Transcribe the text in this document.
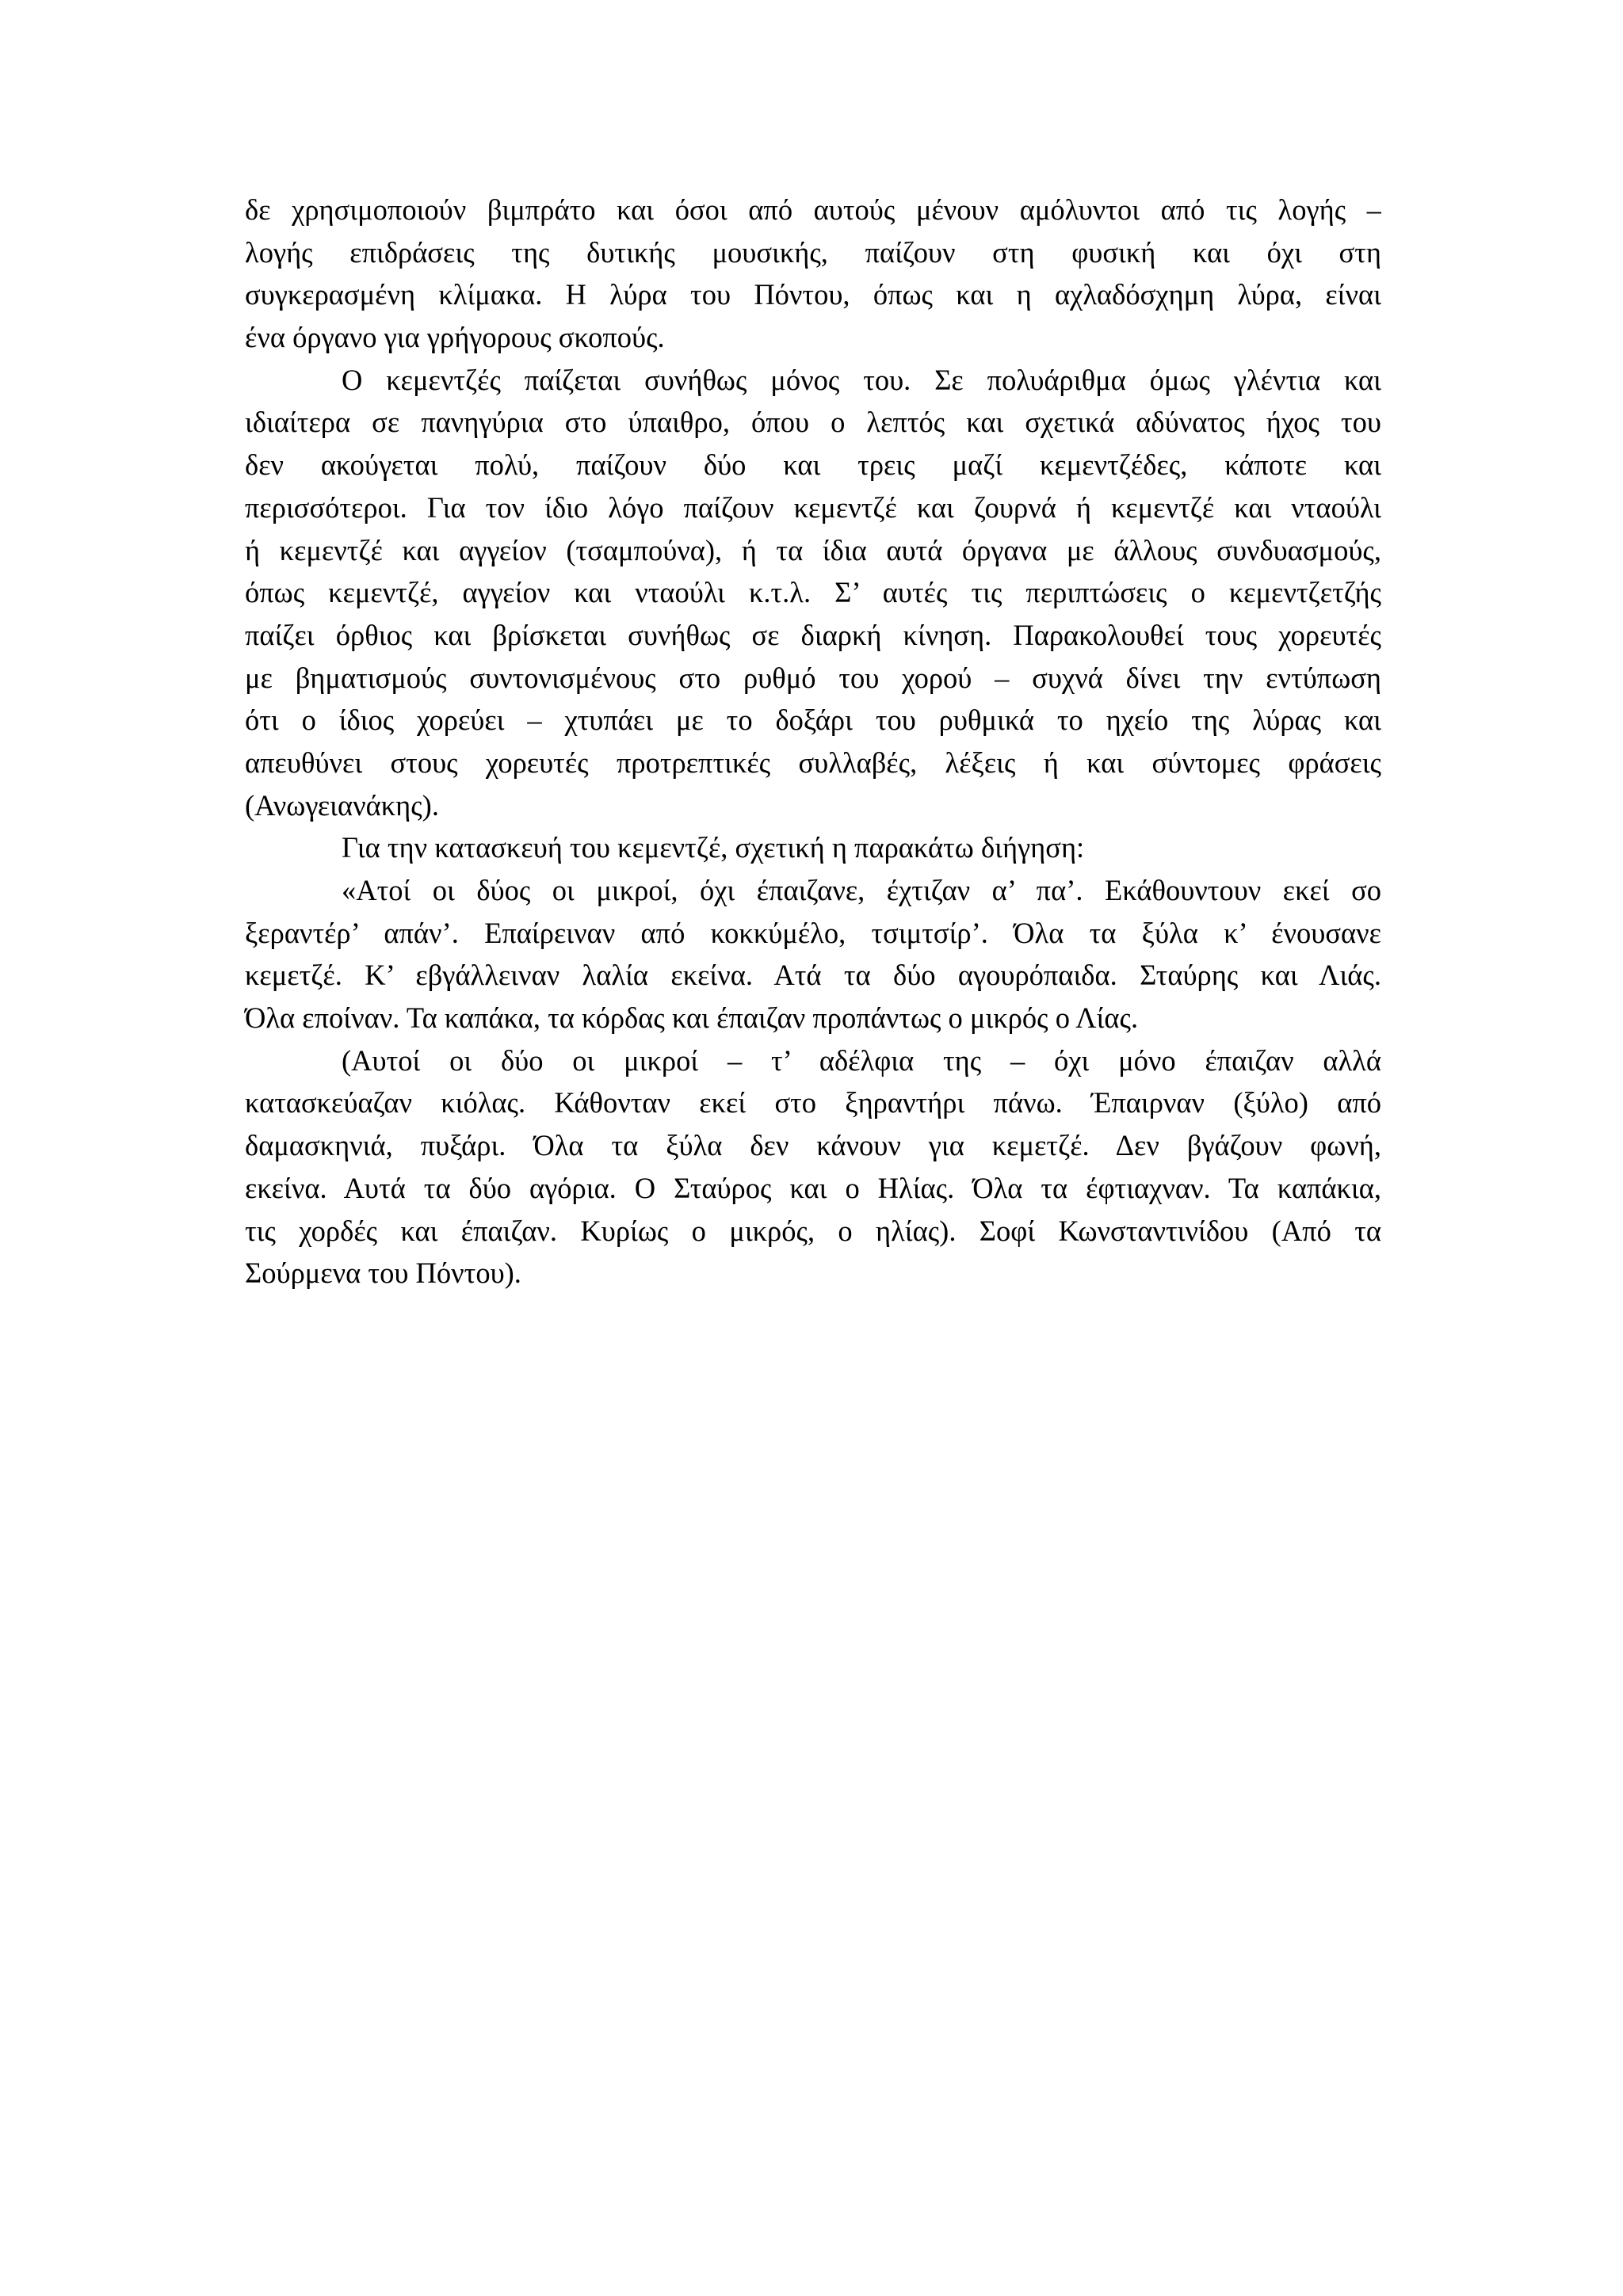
δε χρησιμοποιούν βιμπράτο και όσοι από αυτούς μένουν αμόλυντοι από τις λογής –
λογής επιδράσεις της δυτικής μουσικής, παίζουν στη φυσική και όχι στη
συγκερασμένη κλίμακα. Η λύρα του Πόντου, όπως και η αχλαδόσχημη λύρα, είναι
ένα όργανο για γρήγορους σκοπούς.
Ο κεμεντζές παίζεται συνήθως μόνος του. Σε πολυάριθμα όμως γλέντια και
ιδιαίτερα σε πανηγύρια στο ύπαιθρο, όπου ο λεπτός και σχετικά αδύνατος ήχος του
δεν ακούγεται πολύ, παίζουν δύο και τρεις μαζί κεμεντζέδες, κάποτε και
περισσότεροι. Για τον ίδιο λόγο παίζουν κεμεντζέ και ζουρνά ή κεμεντζέ και νταούλι
ή κεμεντζέ και αγγείον (τσαμπούνα), ή τα ίδια αυτά όργανα με άλλους συνδυασμούς,
όπως κεμεντζέ, αγγείον και νταούλι κ.τ.λ. Σ’ αυτές τις περιπτώσεις ο κεμεντζετζής
παίζει όρθιος και βρίσκεται συνήθως σε διαρκή κίνηση. Παρακολουθεί τους χορευτές
με βηματισμούς συντονισμένους στο ρυθμό του χορού – συχνά δίνει την εντύπωση
ότι ο ίδιος χορεύει – χτυπάει με το δοξάρι του ρυθμικά το ηχείο της λύρας και
απευθύνει στους χορευτές προτρεπτικές συλλαβές, λέξεις ή και σύντομες φράσεις
(Ανωγειανάκης).
Για την κατασκευή του κεμεντζέ, σχετική η παρακάτω διήγηση:
«Ατοί οι δύος οι μικροί, όχι έπαιζανε, έχτιζαν α’ πα’. Εκάθουντουν εκεί σο
ξεραντέρ’ απάν’. Επαίρειναν από κοκκύμέλο, τσιμτσίρ’. Όλα τα ξύλα κ’ ένουσανε
κεμετζέ. Κ’ εβγάλλειναν λαλία εκείνα. Ατά τα δύο αγουρόπαιδα. Σταύρης και Λιάς.
Όλα εποίναν. Τα καπάκα, τα κόρδας και έπαιζαν προπάντως ο μικρός ο Λίας.
(Αυτοί οι δύο οι μικροί – τ’ αδέλφια της – όχι μόνο έπαιζαν αλλά
κατασκεύαζαν κιόλας. Κάθονταν εκεί στο ξηραντήρι πάνω. Έπαιρναν (ξύλο) από
δαμασκηνιά, πυξάρι. Όλα τα ξύλα δεν κάνουν για κεμετζέ. Δεν βγάζουν φωνή,
εκείνα. Αυτά τα δύο αγόρια. Ο Σταύρος και ο Ηλίας. Όλα τα έφτιαχναν. Τα καπάκια,
τις χορδές και έπαιζαν. Κυρίως ο μικρός, ο ηλίας). Σοφί Κωνσταντινίδου (Από τα
Σούρμενα του Πόντου).
